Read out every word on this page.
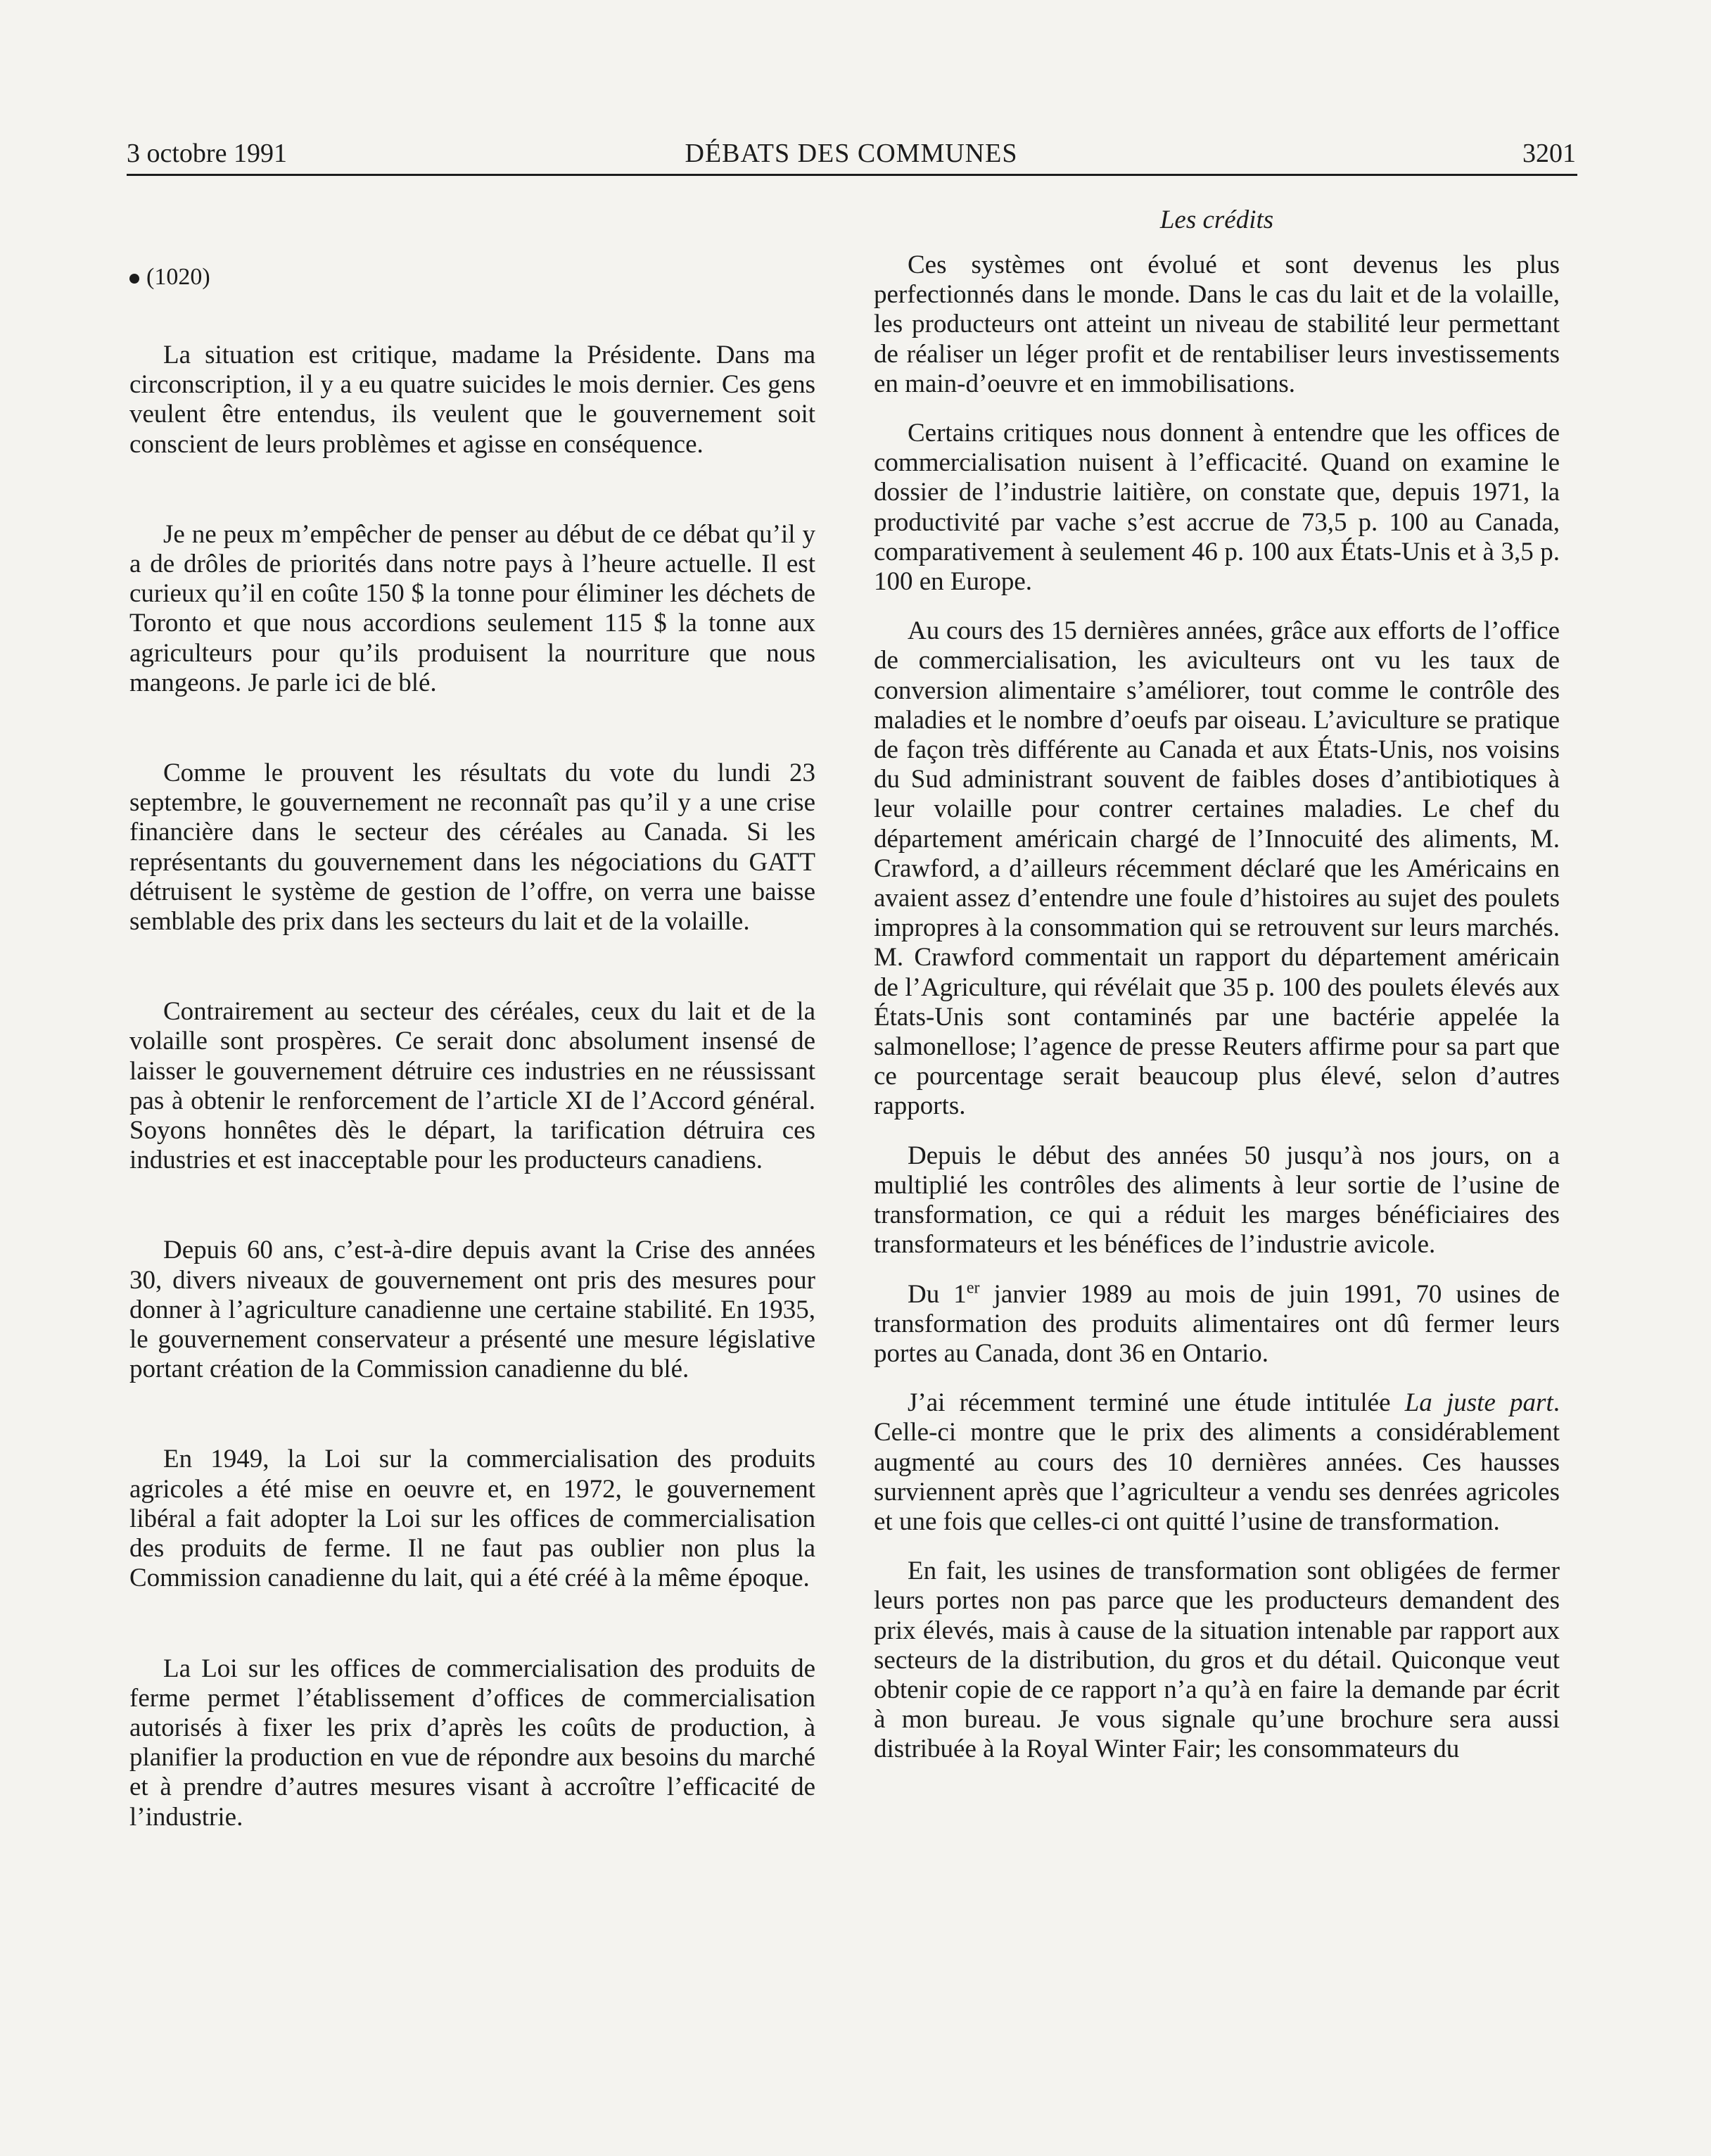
3 octobre 1991	DÉBATS DES COMMUNES	3201
(1020)

La situation est critique, madame la Présidente. Dans ma circonscription, il y a eu quatre suicides le mois dernier. Ces gens veulent être entendus, ils veulent que le gouvernement soit conscient de leurs problèmes et agisse en conséquence.

Je ne peux m’empêcher de penser au début de ce débat qu’il y a de drôles de priorités dans notre pays à l’heure actuelle. Il est curieux qu’il en coûte 150 $ la tonne pour éliminer les déchets de Toronto et que nous accordions seulement 115 $ la tonne aux agriculteurs pour qu’ils produisent la nourriture que nous mangeons. Je parle ici de blé.

Comme le prouvent les résultats du vote du lundi 23 septembre, le gouvernement ne reconnaît pas qu’il y a une crise financière dans le secteur des céréales au Canada. Si les représentants du gouvernement dans les négociations du GATT détruisent le système de gestion de l’offre, on verra une baisse semblable des prix dans les secteurs du lait et de la volaille.

Contrairement au secteur des céréales, ceux du lait et de la volaille sont prospères. Ce serait donc absolument insensé de laisser le gouvernement détruire ces industries en ne réussissant pas à obtenir le renforcement de l’article XI de l’Accord général. Soyons honnêtes dès le départ, la tarification détruira ces industries et est inacceptable pour les producteurs canadiens.

Depuis 60 ans, c’est-à-dire depuis avant la Crise des années 30, divers niveaux de gouvernement ont pris des mesures pour donner à l’agriculture canadienne une certaine stabilité. En 1935, le gouvernement conservateur a présenté une mesure législative portant création de la Commission canadienne du blé.

En 1949, la Loi sur la commercialisation des produits agricoles a été mise en oeuvre et, en 1972, le gouvernement libéral a fait adopter la Loi sur les offices de commercialisation des produits de ferme. Il ne faut pas oublier non plus la Commission canadienne du lait, qui a été créé à la même époque.

La Loi sur les offices de commercialisation des produits de ferme permet l’établissement d’offices de commercialisation autorisés à fixer les prix d’après les coûts de production, à planifier la production en vue de répondre aux besoins du marché et à prendre d’autres mesures visant à accroître l’efficacité de l’industrie.

Les crédits

Ces systèmes ont évolué et sont devenus les plus perfectionnés dans le monde. Dans le cas du lait et de la volaille, les producteurs ont atteint un niveau de stabilité leur permettant de réaliser un léger profit et de rentabiliser leurs investissements en main-d’oeuvre et en immobilisations.

Certains critiques nous donnent à entendre que les offices de commercialisation nuisent à l’efficacité. Quand on examine le dossier de l’industrie laitière, on constate que, depuis 1971, la productivité par vache s’est accrue de 73,5 p. 100 au Canada, comparativement à seulement 46 p. 100 aux États-Unis et à 3,5 p. 100 en Europe.

Au cours des 15 dernières années, grâce aux efforts de l’office de commercialisation, les aviculteurs ont vu les taux de conversion alimentaire s’améliorer, tout comme le contrôle des maladies et le nombre d’oeufs par oiseau. L’aviculture se pratique de façon très différente au Canada et aux États-Unis, nos voisins du Sud administrant souvent de faibles doses d’antibiotiques à leur volaille pour contrer certaines maladies. Le chef du département américain chargé de l’Innocuité des aliments, M. Crawford, a d’ailleurs récemment déclaré que les Américains en avaient assez d’entendre une foule d’histoires au sujet des poulets impropres à la consommation qui se retrouvent sur leurs marchés. M. Crawford commentait un rapport du département américain de l’Agriculture, qui révélait que 35 p. 100 des poulets élevés aux États-Unis sont contaminés par une bactérie appelée la salmonellose; l’agence de presse Reuters affirme pour sa part que ce pourcentage serait beaucoup plus élevé, selon d’autres rapports.

Depuis le début des années 50 jusqu’à nos jours, on a multiplié les contrôles des aliments à leur sortie de l’usine de transformation, ce qui a réduit les marges bénéficiaires des transformateurs et les bénéfices de l’industrie avicole.

Du 1er janvier 1989 au mois de juin 1991, 70 usines de transformation des produits alimentaires ont dû fermer leurs portes au Canada, dont 36 en Ontario.

J’ai récemment terminé une étude intitulée La juste part. Celle-ci montre que le prix des aliments a considérablement augmenté au cours des 10 dernières années. Ces hausses surviennent après que l’agriculteur a vendu ses denrées agricoles et une fois que celles-ci ont quitté l’usine de transformation.

En fait, les usines de transformation sont obligées de fermer leurs portes non pas parce que les producteurs demandent des prix élevés, mais à cause de la situation intenable par rapport aux secteurs de la distribution, du gros et du détail. Quiconque veut obtenir copie de ce rapport n’a qu’à en faire la demande par écrit à mon bureau. Je vous signale qu’une brochure sera aussi distribuée à la Royal Winter Fair; les consommateurs du
